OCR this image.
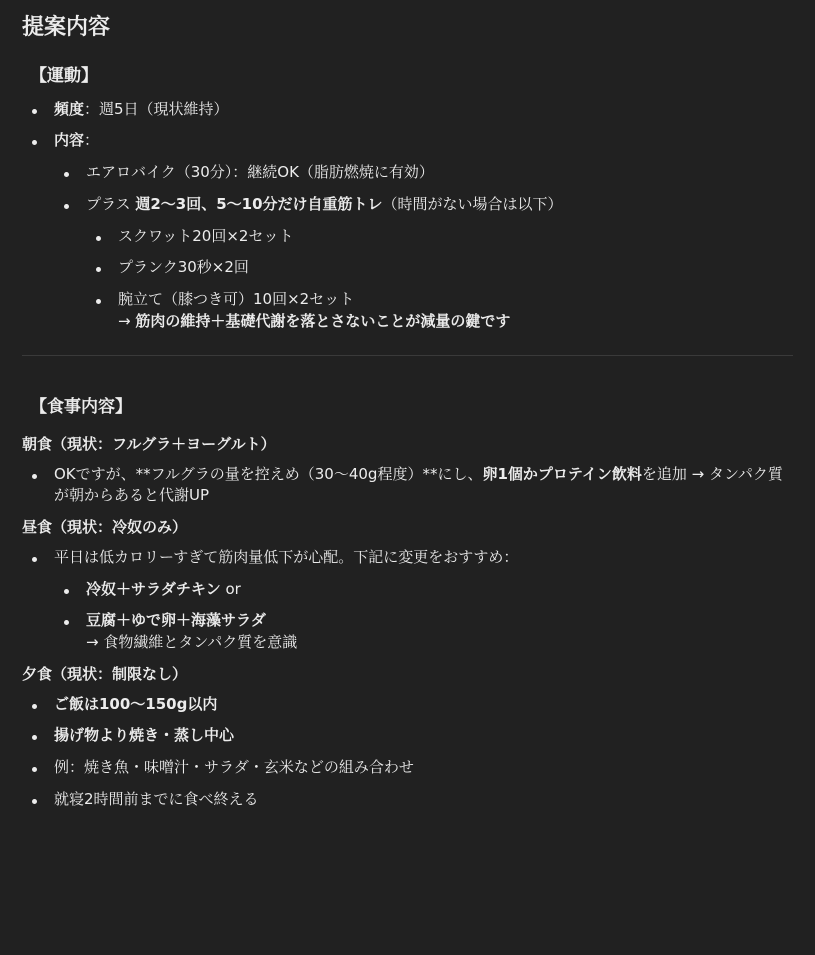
提案内容
【運動】
頻度：週5日（現状維持）
内容：
エアロバイク（30分）：継続OK（脂肪燃焼に有効）
プラス 週2〜3回、5〜10分だけ自重筋トレ（時間がない場合は以下）
スクワット20回×2セット
プランク30秒×2回
腕立て（膝つき可）10回×2セット
→ 筋肉の維持＋基礎代謝を落とさないことが減量の鍵です
【食事内容】
朝食（現状：フルグラ＋ヨーグルト）
OKですが、**フルグラの量を控えめ（30〜40g程度）**にし、卵1個かプロテイン飲料を追加 → タンパク質が朝からあると代謝UP
昼食（現状：冷奴のみ）
平日は低カロリーすぎて筋肉量低下が心配。下記に変更をおすすめ：
冷奴＋サラダチキン or
豆腐＋ゆで卵＋海藻サラダ
→ 食物繊維とタンパク質を意識
夕食（現状：制限なし）
ご飯は100〜150g以内
揚げ物より焼き・蒸し中心
例：焼き魚・味噌汁・サラダ・玄米などの組み合わせ
就寝2時間前までに食べ終える
